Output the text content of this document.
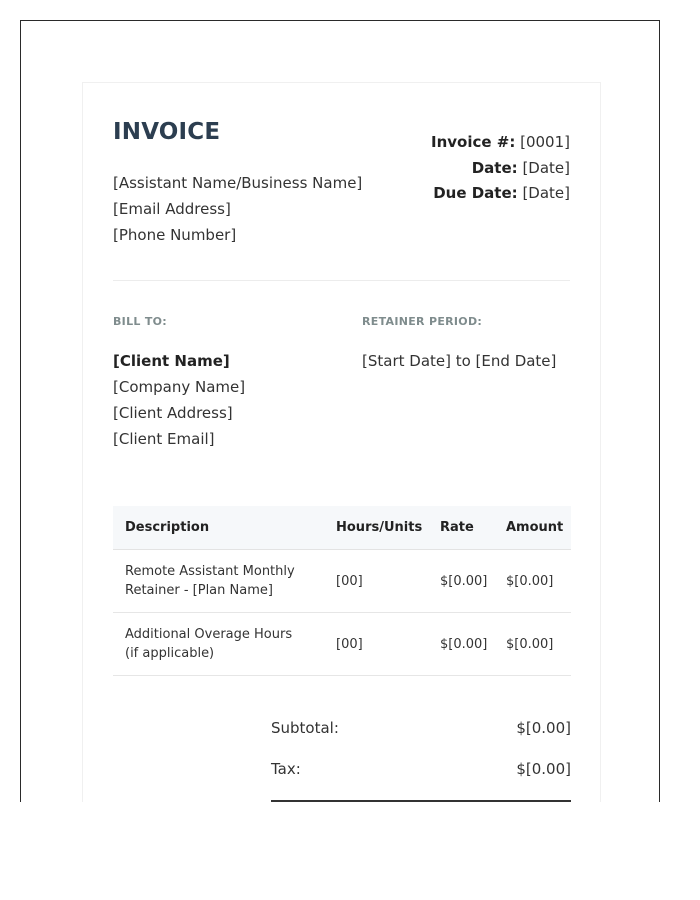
INVOICE
[Assistant Name/Business Name]
[Email Address]
[Phone Number]
Invoice #: [0001]
Date: [Date]
Due Date: [Date]
BILL TO:	RETAINER PERIOD:
[Client Name]
[Company Name]
[Client Address]
[Client Email]
[Start Date] to [End Date]
Description	Hours/Units	Rate	Amount
Remote Assistant Monthly Retainer - [Plan Name]	[00]	$[0.00]	$[0.00]
Additional Overage Hours (if applicable)	[00]	$[0.00]	$[0.00]
Subtotal:	$[0.00]
Tax:	$[0.00]
